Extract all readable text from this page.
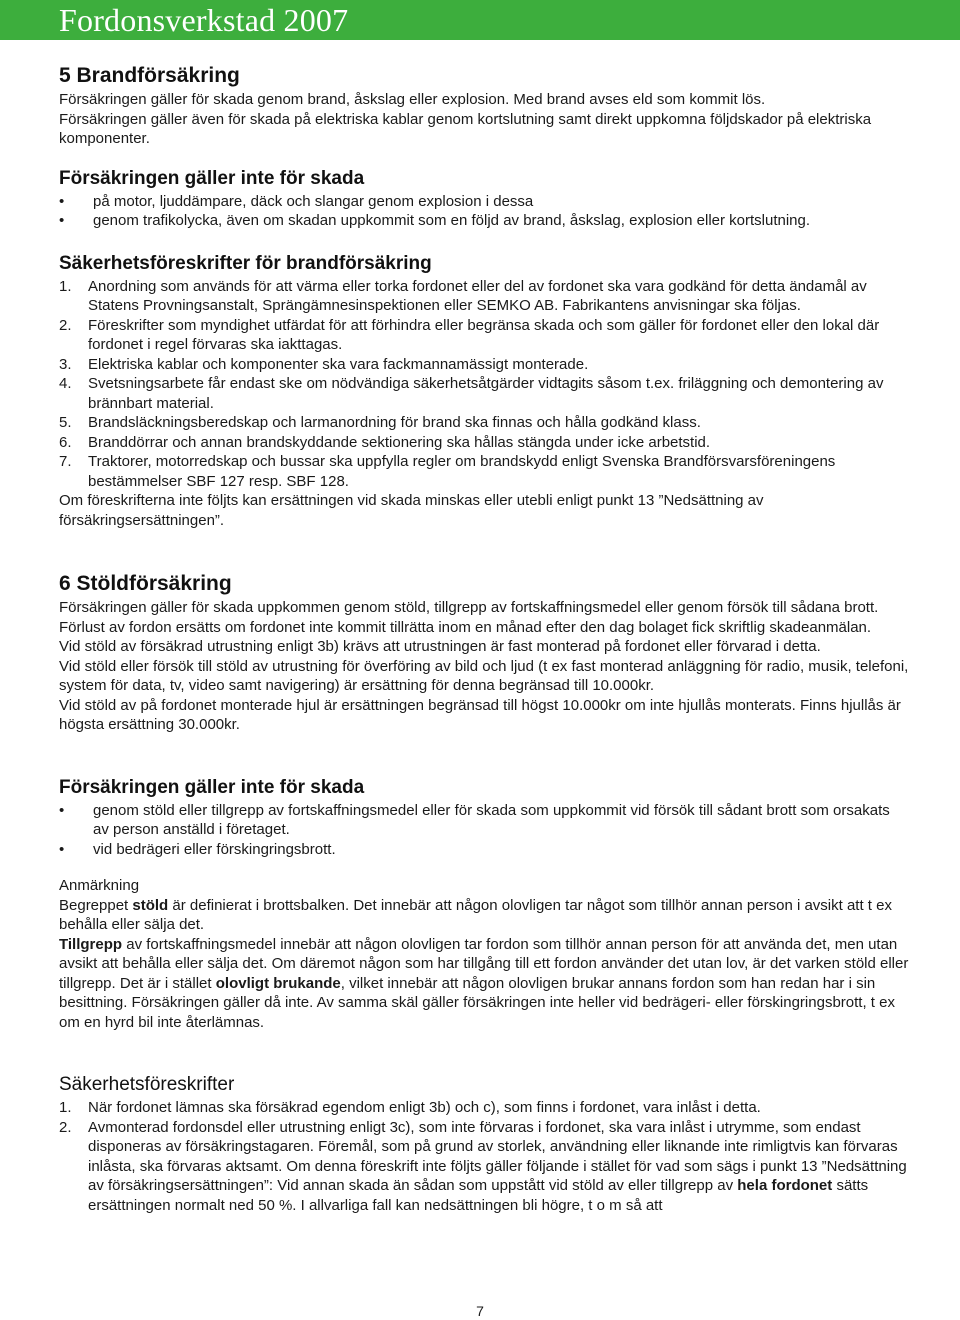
Fordonsverkstad 2007
5 Brandförsäkring

Försäkringen gäller för skada genom brand, åskslag eller explosion. Med brand avses eld som kommit lös.

Försäkringen gäller även för skada på elektriska kablar genom kortslutning samt direkt uppkomna följdskador på elektriska komponenter.

Försäkringen gäller inte för skada
• på motor, ljuddämpare, däck och slangar genom explosion i dessa
• genom trafikolycka, även om skadan uppkommit som en följd av brand, åskslag, explosion eller kortslutning.
Säkerhetsföreskrifter för brandförsäkring
1. Anordning som används för att värma eller torka fordonet eller del av fordonet ska vara godkänd för detta ändamål av Statens Provningsanstalt, Sprängämnesinspektionen eller SEMKO AB. Fabrikantens anvisningar ska följas.
2. Föreskrifter som myndighet utfärdat för att förhindra eller begränsa skada och som gäller för fordonet eller den lokal där fordonet i regel förvaras ska iakttagas.
3. Elektriska kablar och komponenter ska vara fackmannamässigt monterade.
4. Svetsningsarbete får endast ske om nödvändiga säkerhetsåtgärder vidtagits såsom t.ex. friläggning och demontering av brännbart material.
5. Brandsläckningsberedskap och larmanordning för brand ska finnas och hålla godkänd klass.
6. Branddörrar och annan brandskyddande sektionering ska hållas stängda under icke arbetstid.
7. Traktorer, motorredskap och bussar ska uppfylla regler om brandskydd enligt Svenska Brandförsvarsföreningens bestämmelser SBF 127 resp. SBF 128.

Om föreskrifterna inte följts kan ersättningen vid skada minskas eller utebli enligt punkt 13 ”Nedsättning av försäkringsersättningen”.

6 Stöldförsäkring

Försäkringen gäller för skada uppkommen genom stöld, tillgrepp av fortskaffningsmedel eller genom försök till sådana brott.

Förlust av fordon ersätts om fordonet inte kommit tillrätta inom en månad efter den dag bolaget fick skriftlig skadeanmälan.

Vid stöld av försäkrad utrustning enligt 3b) krävs att utrustningen är fast monterad på fordonet eller förvarad i detta.

Vid stöld eller försök till stöld av utrustning för överföring av bild och ljud (t ex fast monterad anläggning för radio, musik, telefoni, system för data, tv, video samt navigering) är ersättning för denna begränsad till 10.000kr.

Vid stöld av på fordonet monterade hjul är ersättningen begränsad till högst 10.000kr om inte hjullås monterats. Finns hjullås är högsta ersättning 30.000kr.

Försäkringen gäller inte för skada
• genom stöld eller tillgrepp av fortskaffningsmedel eller för skada som uppkommit vid försök till sådant brott som orsakats av person anställd i företaget.
• vid bedrägeri eller förskingringsbrott.

Anmärkning

Begreppet stöld är definierat i brottsbalken. Det innebär att någon olovligen tar något som tillhör annan person i avsikt att t ex behålla eller sälja det.

Tillgrepp av fortskaffningsmedel innebär att någon olovligen tar fordon som tillhör annan person för att använda det, men utan avsikt att behålla eller sälja det. Om däremot någon som har tillgång till ett fordon använder det utan lov, är det varken stöld eller tillgrepp. Det är i stället olovligt brukande, vilket innebär att någon olovligen brukar annans fordon som han redan har i sin besittning. Försäkringen gäller då inte. Av samma skäl gäller försäkringen inte heller vid bedrägeri- eller förskingringsbrott, t ex om en hyrd bil inte återlämnas.

Säkerhetsföreskrifter
1. När fordonet lämnas ska försäkrad egendom enligt 3b) och c), som finns i fordonet, vara inlåst i detta.
2. Avmonterad fordonsdel eller utrustning enligt 3c), som inte förvaras i fordonet, ska vara inlåst i utrymme, som endast disponeras av försäkringstagaren. Föremål, som på grund av storlek, användning eller liknande inte rimligtvis kan förvaras inlåsta, ska förvaras aktsamt. Om denna föreskrift inte följts gäller följande i stället för vad som sägs i punkt 13 ”Nedsättning av försäkringsersättningen”: Vid annan skada än sådan som uppstått vid stöld av eller tillgrepp av hela fordonet sätts ersättningen normalt ned 50 %. I allvarliga fall kan nedsättningen bli högre, t o m så att
7
